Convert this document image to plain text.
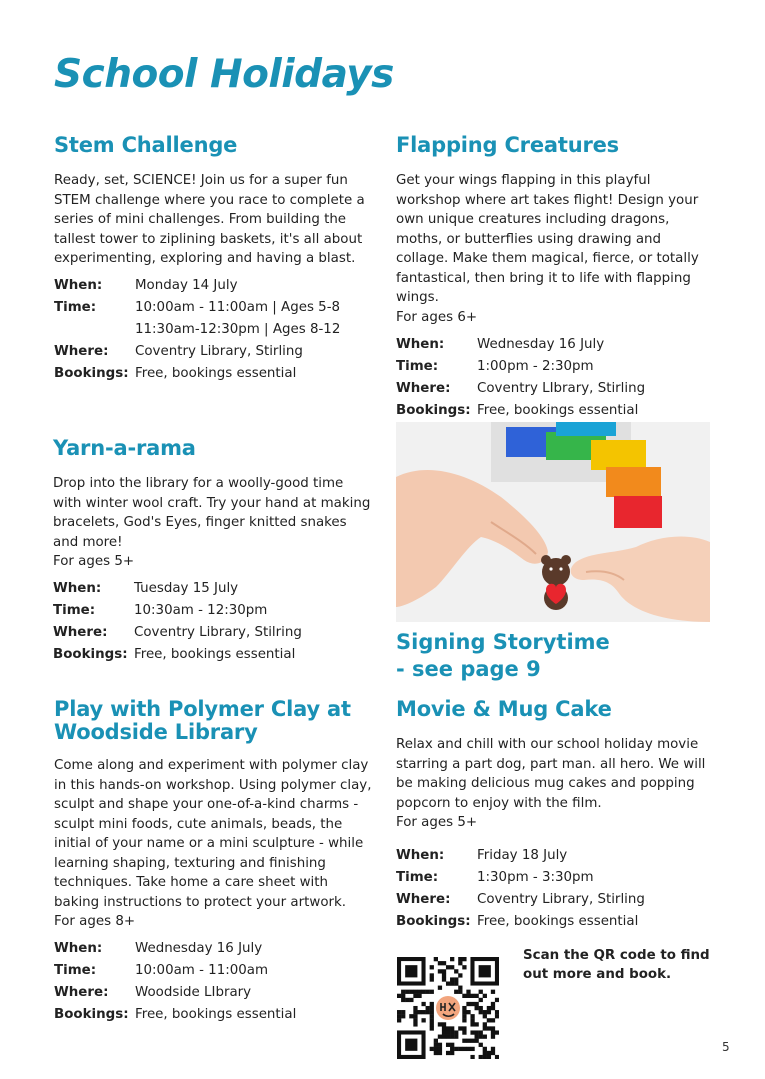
School Holidays
Stem Challenge

Ready, set, SCIENCE! Join us for a super fun STEM challenge where you race to complete a series of mini challenges. From building the tallest tower to ziplining baskets, it's all about experimenting, exploring and having a blast.

When:	Monday 14 July
Time:	10:00am - 11:00am | Ages 5-8
	11:30am-12:30pm | Ages 8-12
Where:	Coventry Library, Stirling
Bookings:	Free, bookings essential
Yarn-a-rama

Drop into the library for a woolly-good time with winter wool craft. Try your hand at making bracelets, God's Eyes, finger knitted snakes and more!
For ages 5+

When:	Tuesday 15 July
Time:	10:30am - 12:30pm
Where:	Coventry Library, Stilring
Bookings:	Free, bookings essential
Play with Polymer Clay at Woodside Library

Come along and experiment with polymer clay in this hands-on workshop. Using polymer clay, sculpt and shape your one-of-a-kind charms - sculpt mini foods, cute animals, beads, the initial of your name or a mini sculpture - while learning shaping, texturing and finishing techniques. Take home a care sheet with baking instructions to protect your artwork.
For ages 8+

When:	Wednesday 16 July
Time:	10:00am - 11:00am
Where:	Woodside LIbrary
Bookings:	Free, bookings essential
Flapping Creatures

Get your wings flapping in this playful workshop where art takes flight! Design your own unique creatures including dragons, moths, or butterflies using drawing and collage. Make them magical, fierce, or totally fantastical, then bring it to life with flapping wings.
For ages 6+

When:	Wednesday 16 July
Time:	1:00pm - 2:30pm
Where:	Coventry LIbrary, Stirling
Bookings:	Free, bookings essential
Signing Storytime
- see page 9
Movie & Mug Cake

Relax and chill with our school holiday movie starring a part dog, part man. all hero. We will be making delicious mug cakes and popping popcorn to enjoy with the film.
For ages 5+

When:	Friday 18 July
Time:	1:30pm - 3:30pm
Where:	Coventry Library, Stirling
Bookings:	Free, bookings essential

Scan the QR code to find out more and book.

5
